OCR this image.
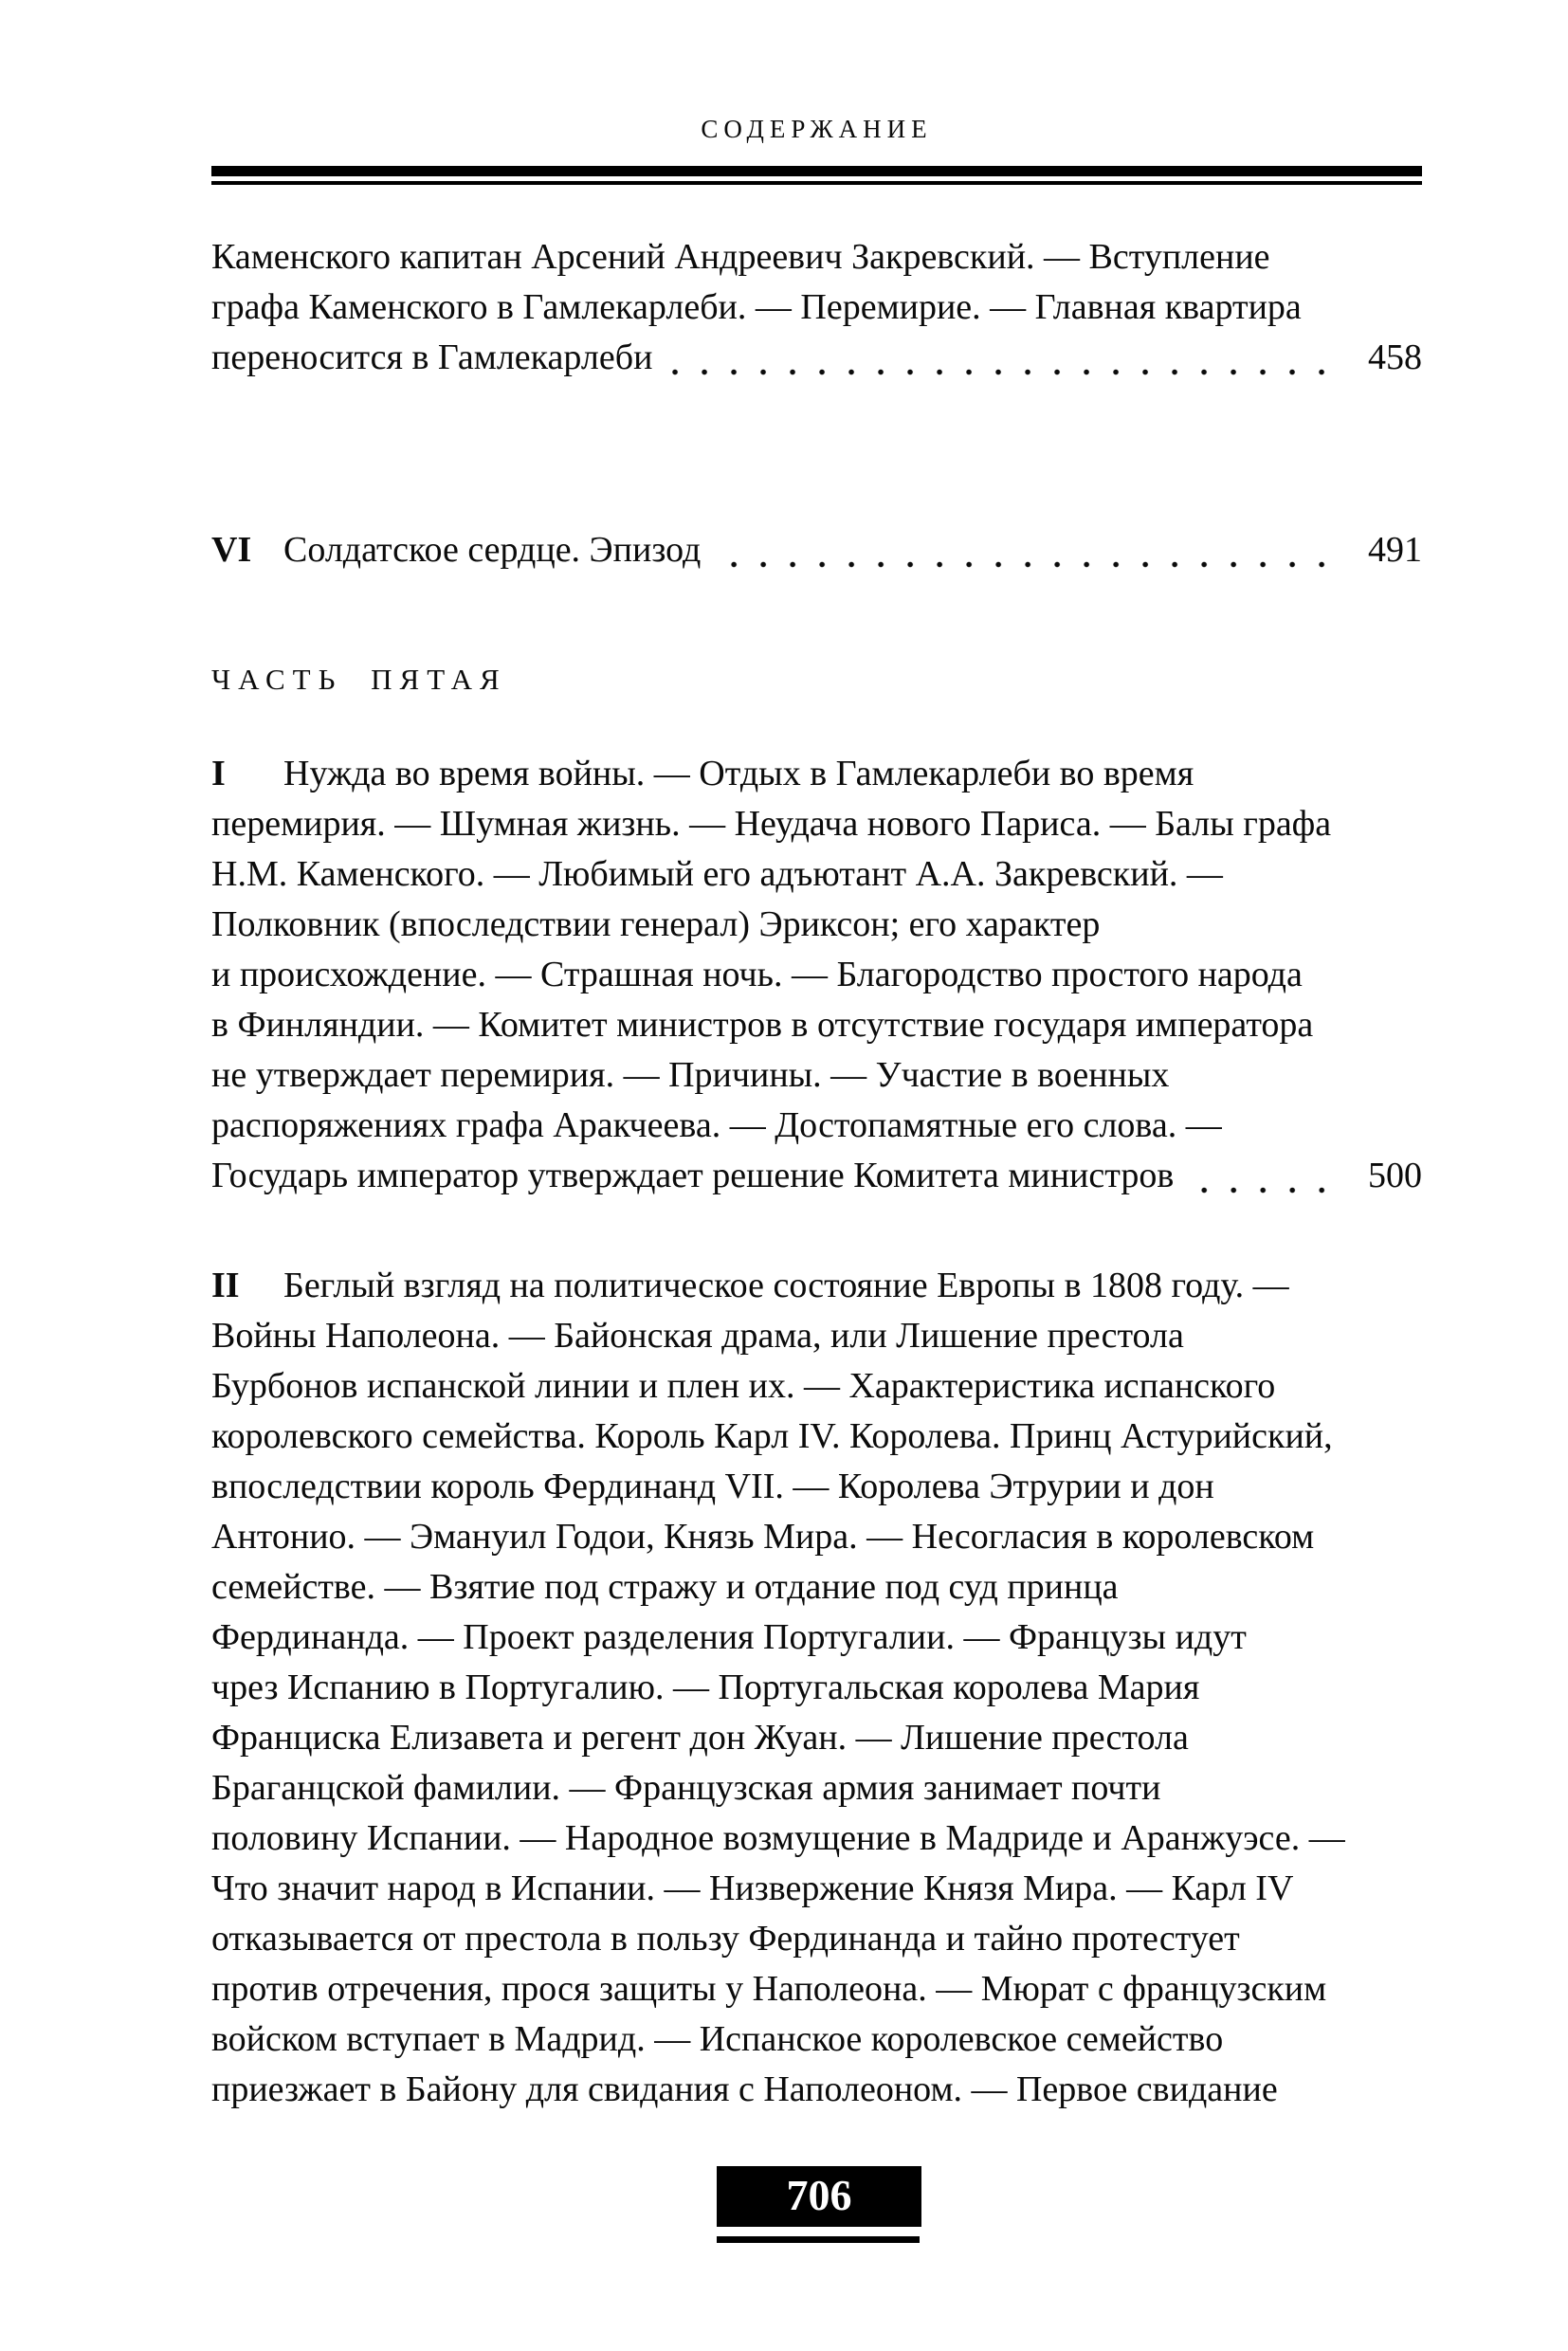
СОДЕРЖАНИЕ
Каменского капитан Арсений Андреевич Закревский. — Вступление
графа Каменского в Гамлекарлеби. — Перемирие. — Главная квартира
переносится в Гамлекарлеби	458
VI Солдатское сердце. Эпизод	491
ЧАСТЬ ПЯТАЯ
I Нужда во время войны. — Отдых в Гамлекарлеби во время
перемирия. — Шумная жизнь. — Неудача нового Париса. — Балы графа
Н.М. Каменского. — Любимый его адъютант А.А. Закревский. —
Полковник (впоследствии генерал) Эриксон; его характер
и происхождение. — Страшная ночь. — Благородство простого народа
в Финляндии. — Комитет министров в отсутствие государя императора
не утверждает перемирия. — Причины. — Участие в военных
распоряжениях графа Аракчеева. — Достопамятные его слова. —
Государь император утверждает решение Комитета министров	500
II Беглый взгляд на политическое состояние Европы в 1808 году. —
Войны Наполеона. — Байонская драма, или Лишение престола
Бурбонов испанской линии и плен их. — Характеристика испанского
королевского семейства. Король Карл IV. Королева. Принц Астурийский,
впоследствии король Фердинанд VII. — Королева Этрурии и дон
Антонио. — Эмануил Годои, Князь Мира. — Несогласия в королевском
семействе. — Взятие под стражу и отдание под суд принца
Фердинанда. — Проект разделения Португалии. — Французы идут
чрез Испанию в Португалию. — Португальская королева Мария
Франциска Елизавета и регент дон Жуан. — Лишение престола
Браганцской фамилии. — Французская армия занимает почти
половину Испании. — Народное возмущение в Мадриде и Аранжуэсе. —
Что значит народ в Испании. — Низвержение Князя Мира. — Карл IV
отказывается от престола в пользу Фердинанда и тайно протестует
против отречения, прося защиты у Наполеона. — Мюрат с французским
войском вступает в Мадрид. — Испанское королевское семейство
приезжает в Байону для свидания с Наполеоном. — Первое свидание
706
